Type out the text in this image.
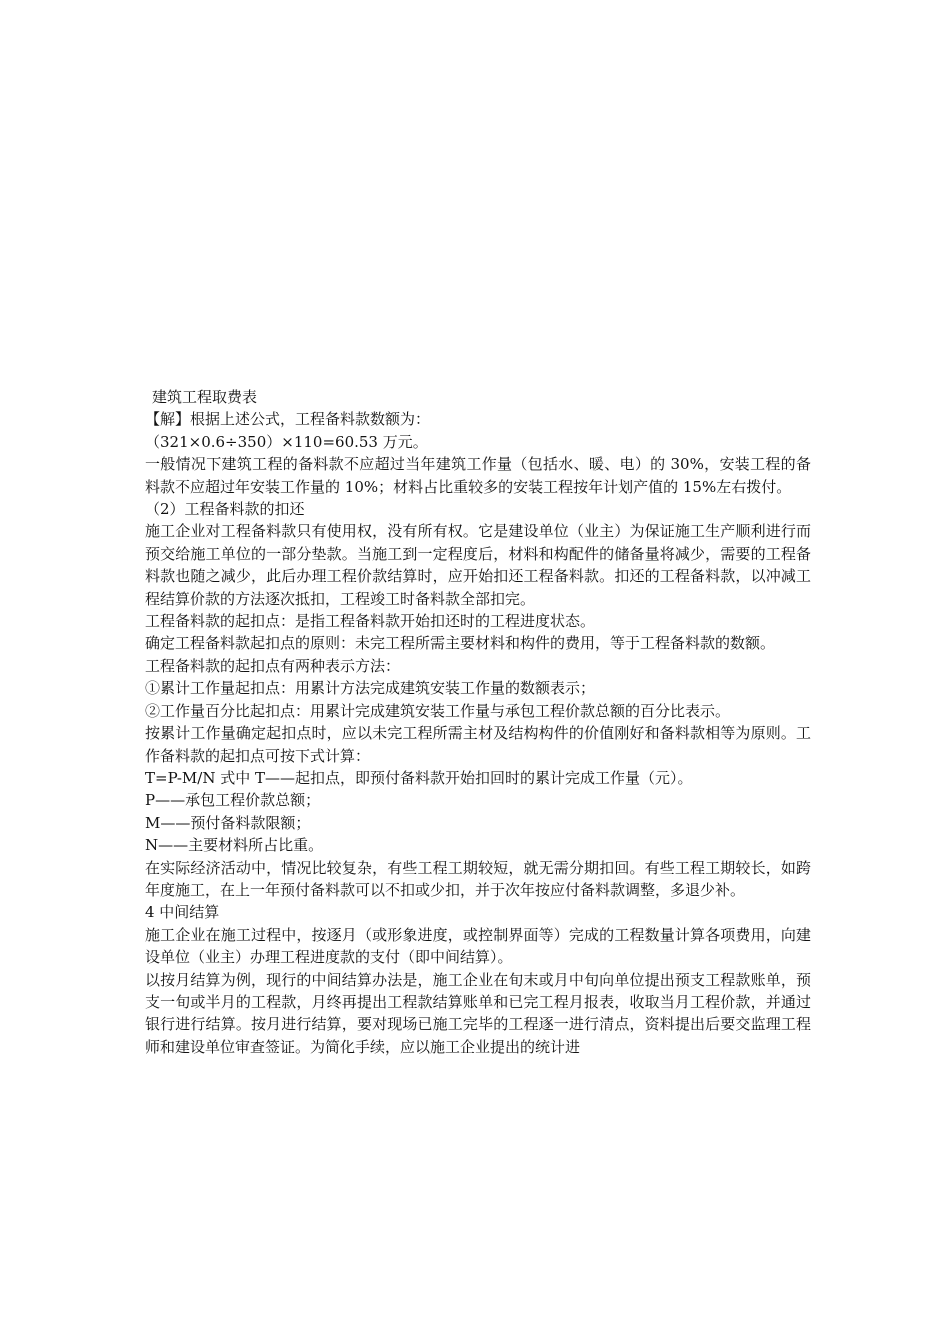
建筑工程取费表
【解】根据上述公式，工程备料款数额为：
（321×0.6÷350）×110=60.53 万元。
一般情况下建筑工程的备料款不应超过当年建筑工作量（包括水、暖、电）的 30%，安装工程的备料款不应超过年安装工作量的 10%；材料占比重较多的安装工程按年计划产值的 15%左右拨付。
（2）工程备料款的扣还
施工企业对工程备料款只有使用权，没有所有权。它是建设单位（业主）为保证施工生产顺利进行而预交给施工单位的一部分垫款。当施工到一定程度后，材料和构配件的储备量将减少，需要的工程备料款也随之减少，此后办理工程价款结算时，应开始扣还工程备料款。扣还的工程备料款，以冲减工程结算价款的方法逐次抵扣，工程竣工时备料款全部扣完。
工程备料款的起扣点：是指工程备料款开始扣还时的工程进度状态。
确定工程备料款起扣点的原则：未完工程所需主要材料和构件的费用，等于工程备料款的数额。
工程备料款的起扣点有两种表示方法：
①累计工作量起扣点：用累计方法完成建筑安装工作量的数额表示；
②工作量百分比起扣点：用累计完成建筑安装工作量与承包工程价款总额的百分比表示。
按累计工作量确定起扣点时，应以未完工程所需主材及结构构件的价值刚好和备料款相等为原则。工作备料款的起扣点可按下式计算：
T=P-M/N 式中 T——起扣点，即预付备料款开始扣回时的累计完成工作量（元）。
P——承包工程价款总额；
M——预付备料款限额；
N——主要材料所占比重。
在实际经济活动中，情况比较复杂，有些工程工期较短，就无需分期扣回。有些工程工期较长，如跨年度施工，在上一年预付备料款可以不扣或少扣，并于次年按应付备料款调整，多退少补。
4 中间结算
施工企业在施工过程中，按逐月（或形象进度，或控制界面等）完成的工程数量计算各项费用，向建设单位（业主）办理工程进度款的支付（即中间结算）。
以按月结算为例，现行的中间结算办法是，施工企业在旬末或月中旬向单位提出预支工程款账单，预支一旬或半月的工程款，月终再提出工程款结算账单和已完工程月报表，收取当月工程价款，并通过银行进行结算。按月进行结算，要对现场已施工完毕的工程逐一进行清点，资料提出后要交监理工程师和建设单位审查签证。为简化手续，应以施工企业提出的统计进
